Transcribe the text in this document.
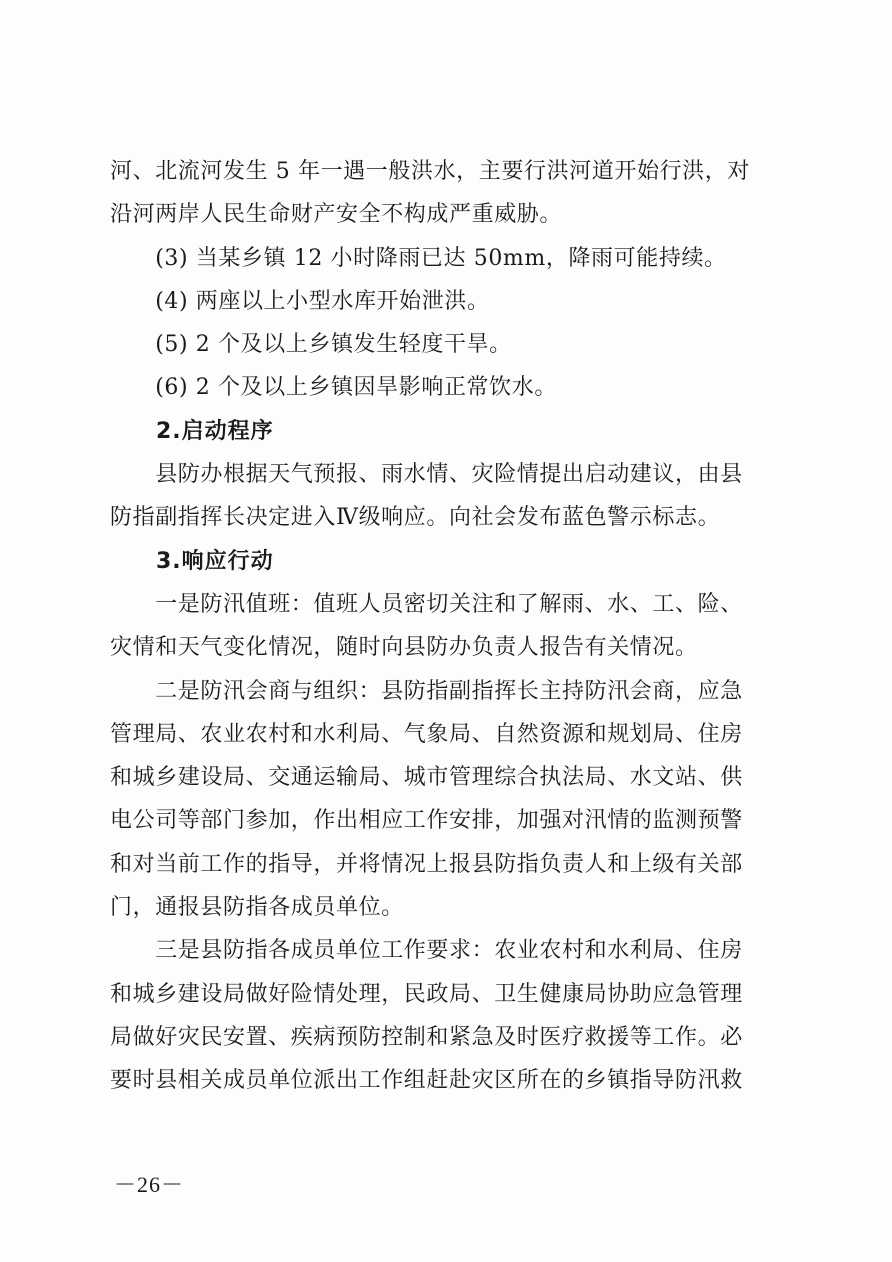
河、北流河发生 5 年一遇一般洪水，主要行洪河道开始行洪，对
沿河两岸人民生命财产安全不构成严重威胁。
　　(3) 当某乡镇 12 小时降雨已达 50mm，降雨可能持续。
　　(4) 两座以上小型水库开始泄洪。
　　(5) 2 个及以上乡镇发生轻度干旱。
　　(6) 2 个及以上乡镇因旱影响正常饮水。
　　2.启动程序
　　县防办根据天气预报、雨水情、灾险情提出启动建议，由县
防指副指挥长决定进入Ⅳ级响应。向社会发布蓝色警示标志。
　　3.响应行动
　　一是防汛值班：值班人员密切关注和了解雨、水、工、险、
灾情和天气变化情况，随时向县防办负责人报告有关情况。
　　二是防汛会商与组织：县防指副指挥长主持防汛会商，应急
管理局、农业农村和水利局、气象局、自然资源和规划局、住房
和城乡建设局、交通运输局、城市管理综合执法局、水文站、供
电公司等部门参加，作出相应工作安排，加强对汛情的监测预警
和对当前工作的指导，并将情况上报县防指负责人和上级有关部
门，通报县防指各成员单位。
　　三是县防指各成员单位工作要求：农业农村和水利局、住房
和城乡建设局做好险情处理，民政局、卫生健康局协助应急管理
局做好灾民安置、疾病预防控制和紧急及时医疗救援等工作。必
要时县相关成员单位派出工作组赶赴灾区所在的乡镇指导防汛救
－26－
